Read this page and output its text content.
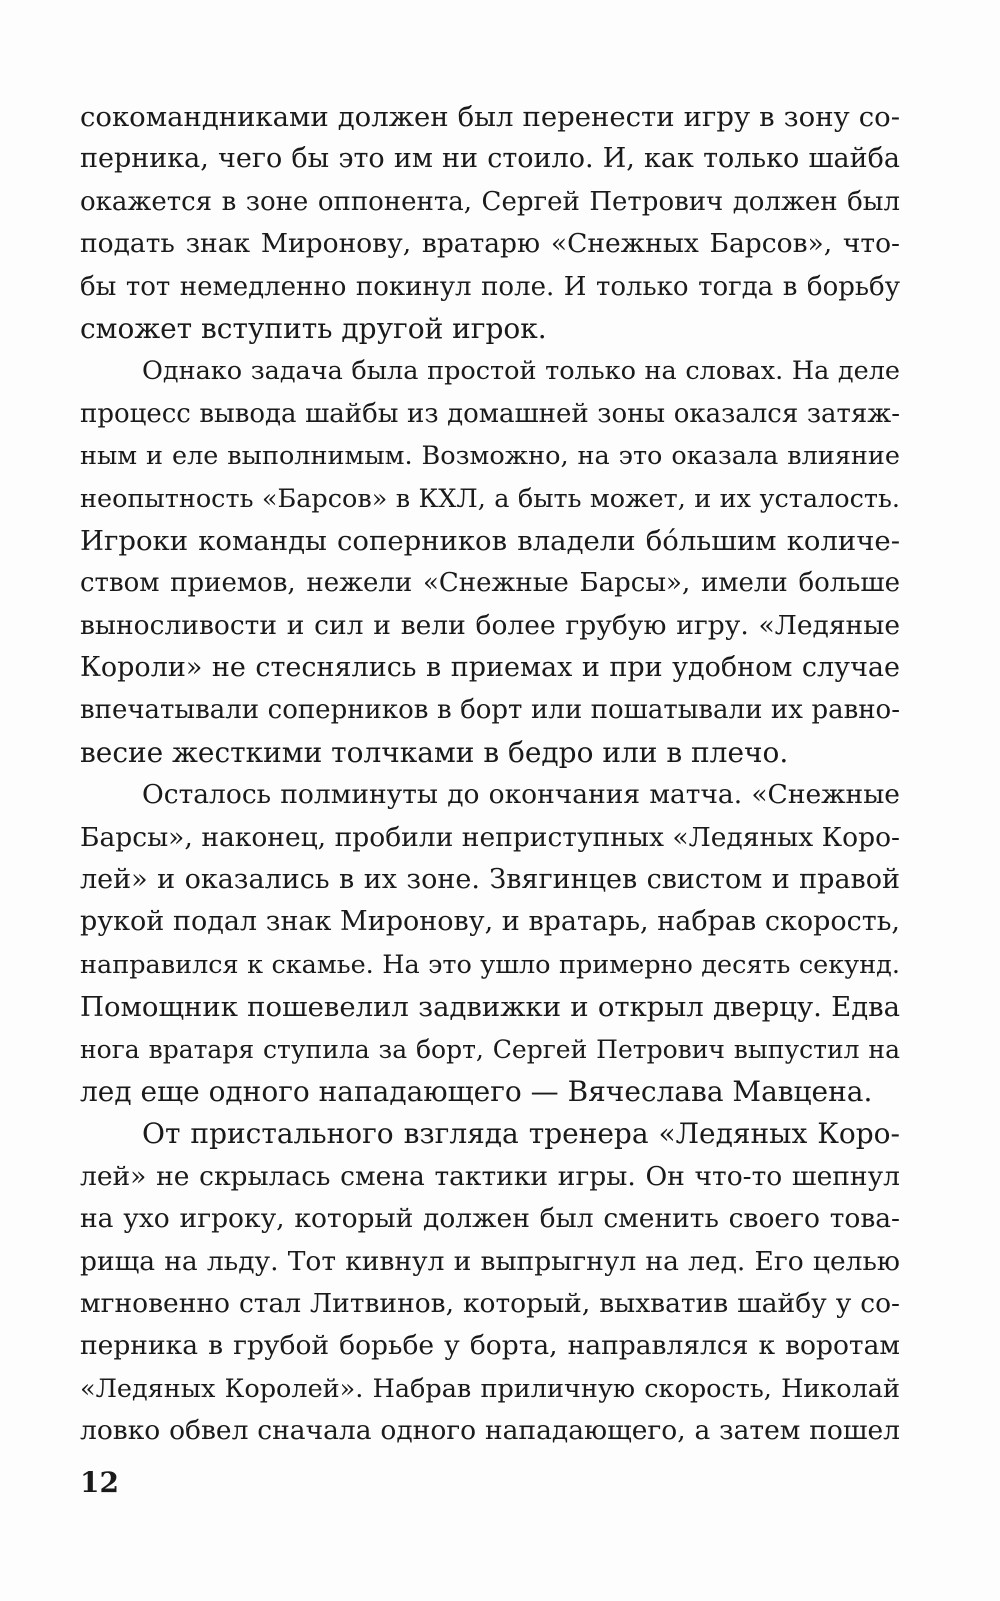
сокомандниками должен был перенести игру в зону со-
перника, чего бы это им ни стоило. И, как только шайба
окажется в зоне оппонента, Сергей Петрович должен был
подать знак Миронову, вратарю «Снежных Барсов», что-
бы тот немедленно покинул поле. И только тогда в борьбу
сможет вступить другой игрок.
Однако задача была простой только на словах. На деле
процесс вывода шайбы из домашней зоны оказался затяж-
ным и еле выполнимым. Возможно, на это оказала влияние
неопытность «Барсов» в КХЛ, а быть может, и их усталость.
Игроки команды соперников владели бóльшим количе-
ством приемов, нежели «Снежные Барсы», имели больше
выносливости и сил и вели более грубую игру. «Ледяные
Короли» не стеснялись в приемах и при удобном случае
впечатывали соперников в борт или пошатывали их равно-
весие жесткими толчками в бедро или в плечо.
Осталось полминуты до окончания матча. «Снежные
Барсы», наконец, пробили неприступных «Ледяных Коро-
лей» и оказались в их зоне. Звягинцев свистом и правой
рукой подал знак Миронову, и вратарь, набрав скорость,
направился к скамье. На это ушло примерно десять секунд.
Помощник пошевелил задвижки и открыл дверцу. Едва
нога вратаря ступила за борт, Сергей Петрович выпустил на
лед еще одного нападающего — Вячеслава Мавцена.
От пристального взгляда тренера «Ледяных Коро-
лей» не скрылась смена тактики игры. Он что-то шепнул
на ухо игроку, который должен был сменить своего това-
рища на льду. Тот кивнул и выпрыгнул на лед. Его целью
мгновенно стал Литвинов, который, выхватив шайбу у со-
перника в грубой борьбе у борта, направлялся к воротам
«Ледяных Королей». Набрав приличную скорость, Николай
ловко обвел сначала одного нападающего, а затем пошел
12
